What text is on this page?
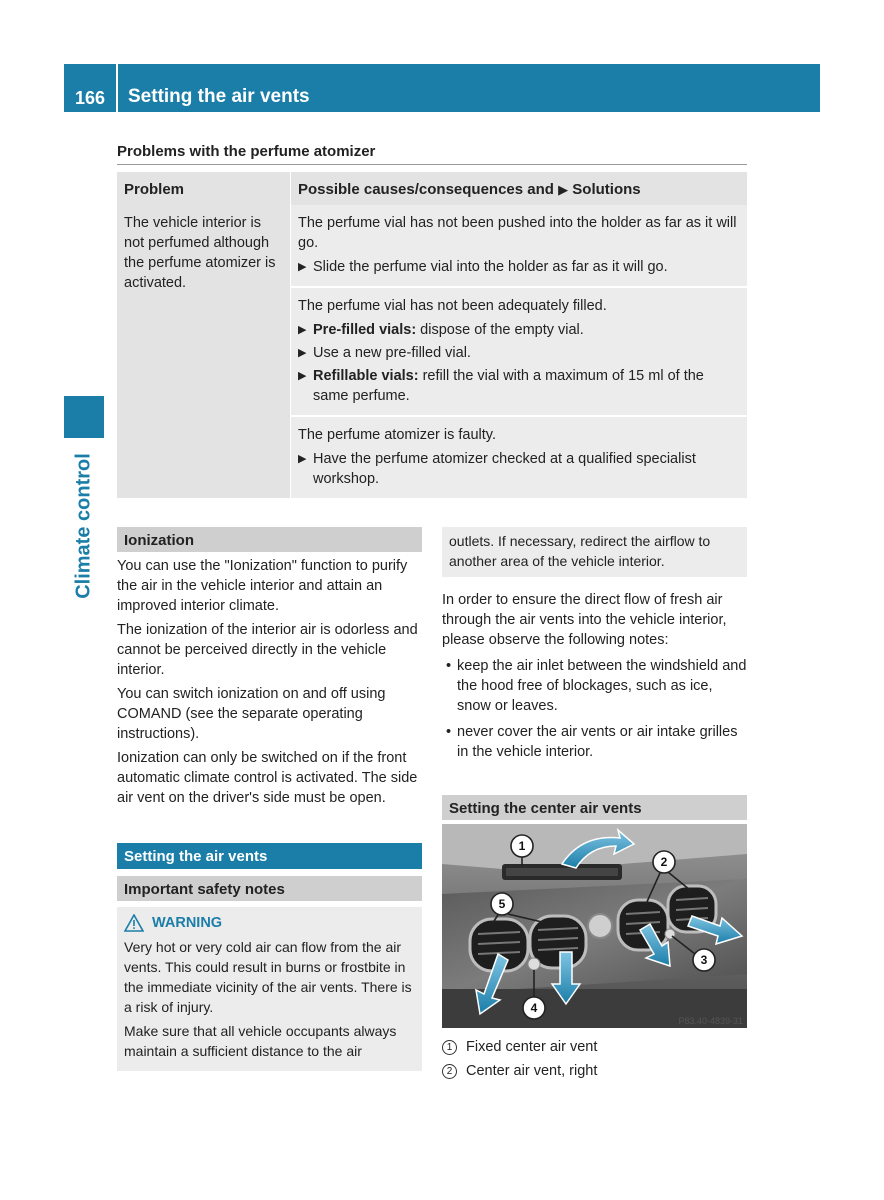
166	Setting the air vents
Climate control
Problems with the perfume atomizer
Problem	Possible causes/consequences and ▶ Solutions
The vehicle interior is not perfumed although the perfume atomizer is activated.

The perfume vial has not been pushed into the holder as far as it will go.

▶ Slide the perfume vial into the holder as far as it will go.

The perfume vial has not been adequately filled.

▶ Pre-filled vials: dispose of the empty vial.
▶ Use a new pre-filled vial.
▶ Refillable vials: refill the vial with a maximum of 15 ml of the same perfume.

The perfume atomizer is faulty.

▶ Have the perfume atomizer checked at a qualified specialist workshop.
Ionization

You can use the "Ionization" function to purify the air in the vehicle interior and attain an improved interior climate.

The ionization of the interior air is odorless and cannot be perceived directly in the vehicle interior.

You can switch ionization on and off using COMAND (see the separate operating instructions).

Ionization can only be switched on if the front automatic climate control is activated. The side air vent on the driver's side must be open.

Setting the air vents
Important safety notes
WARNING

Very hot or very cold air can flow from the air vents. This could result in burns or frostbite in the immediate vicinity of the air vents. There is a risk of injury.

Make sure that all vehicle occupants always maintain a sufficient distance to the air

outlets. If necessary, redirect the airflow to another area of the vehicle interior.

In order to ensure the direct flow of fresh air through the air vents into the vehicle interior, please observe the following notes:

• keep the air inlet between the windshield and the hood free of blockages, such as ice, snow or leaves.
• never cover the air vents or air intake grilles in the vehicle interior.
Setting the center air vents
1
2
3
4
5
P83.40-4839-31
1 Fixed center air vent
2 Center air vent, right
